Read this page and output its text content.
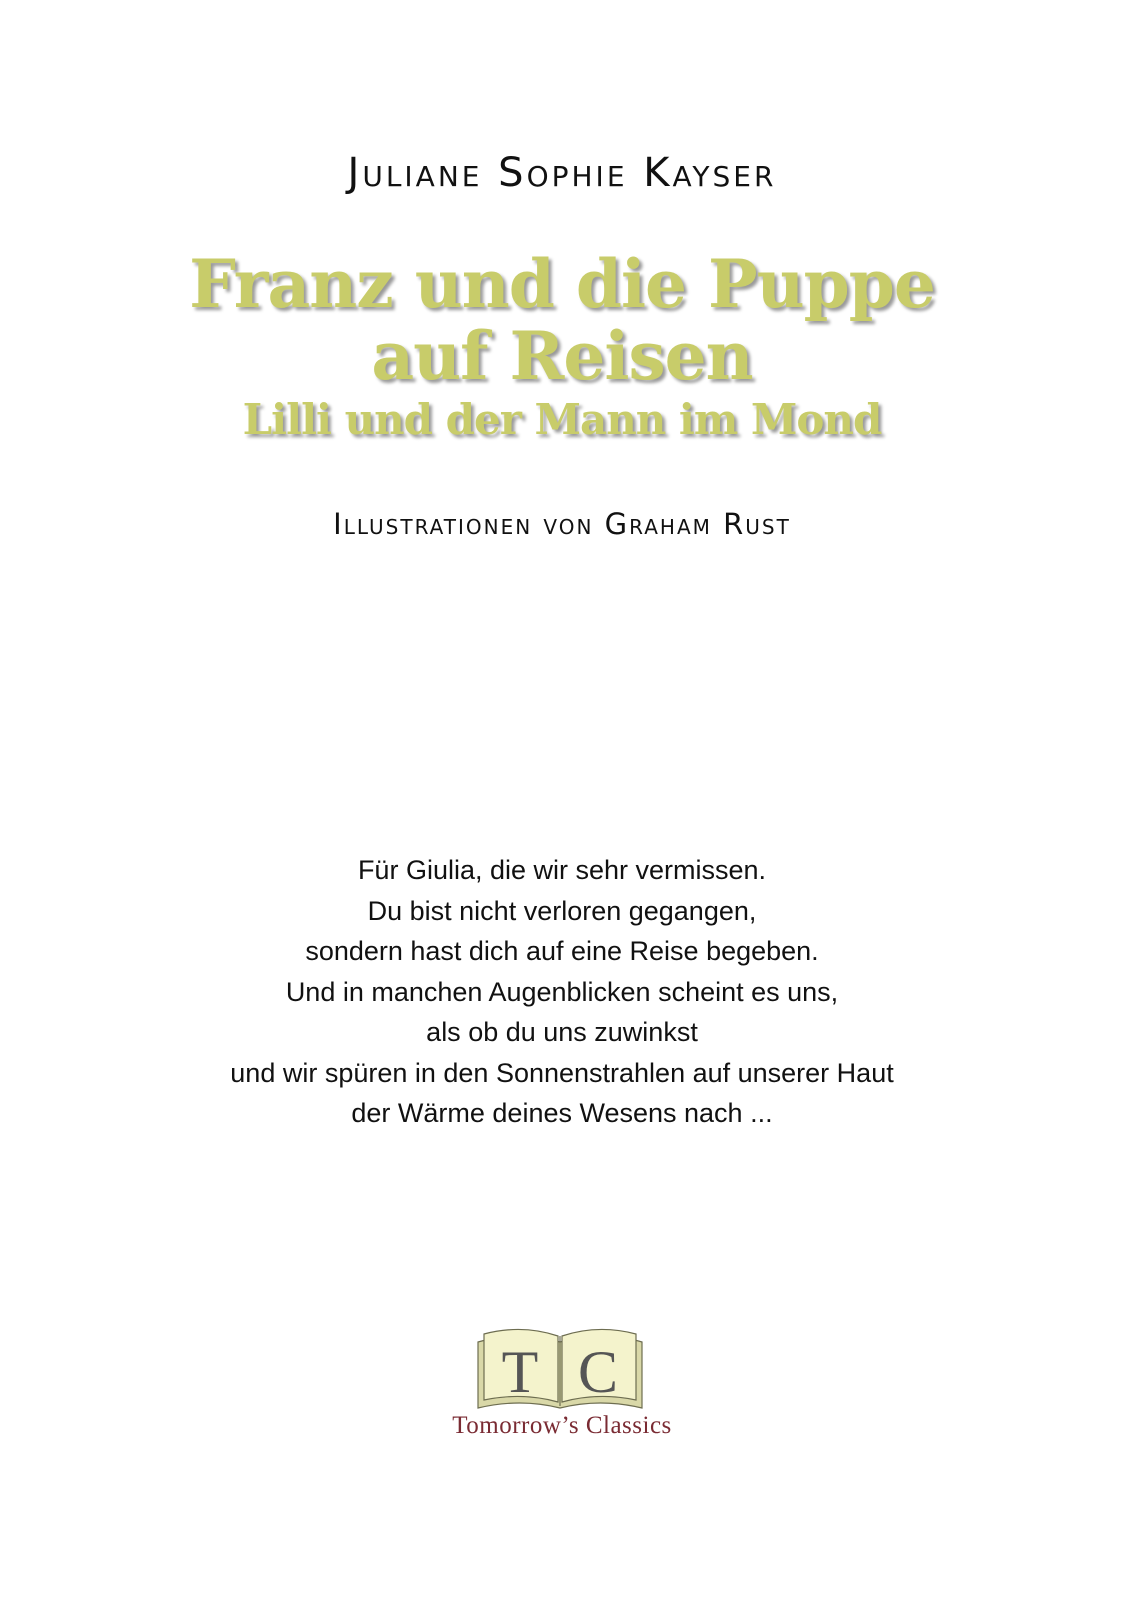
Juliane Sophie Kayser
Franz und die Puppe
auf Reisen
Lilli und der Mann im Mond
Illustrationen von Graham Rust
Für Giulia, die wir sehr vermissen.
Du bist nicht verloren gegangen,
sondern hast dich auf eine Reise begeben.
Und in manchen Augenblicken scheint es uns,
als ob du uns zuwinkst
und wir spüren in den Sonnenstrahlen auf unserer Haut
der Wärme deines Wesens nach ...
T C
Tomorrow’s Classics
